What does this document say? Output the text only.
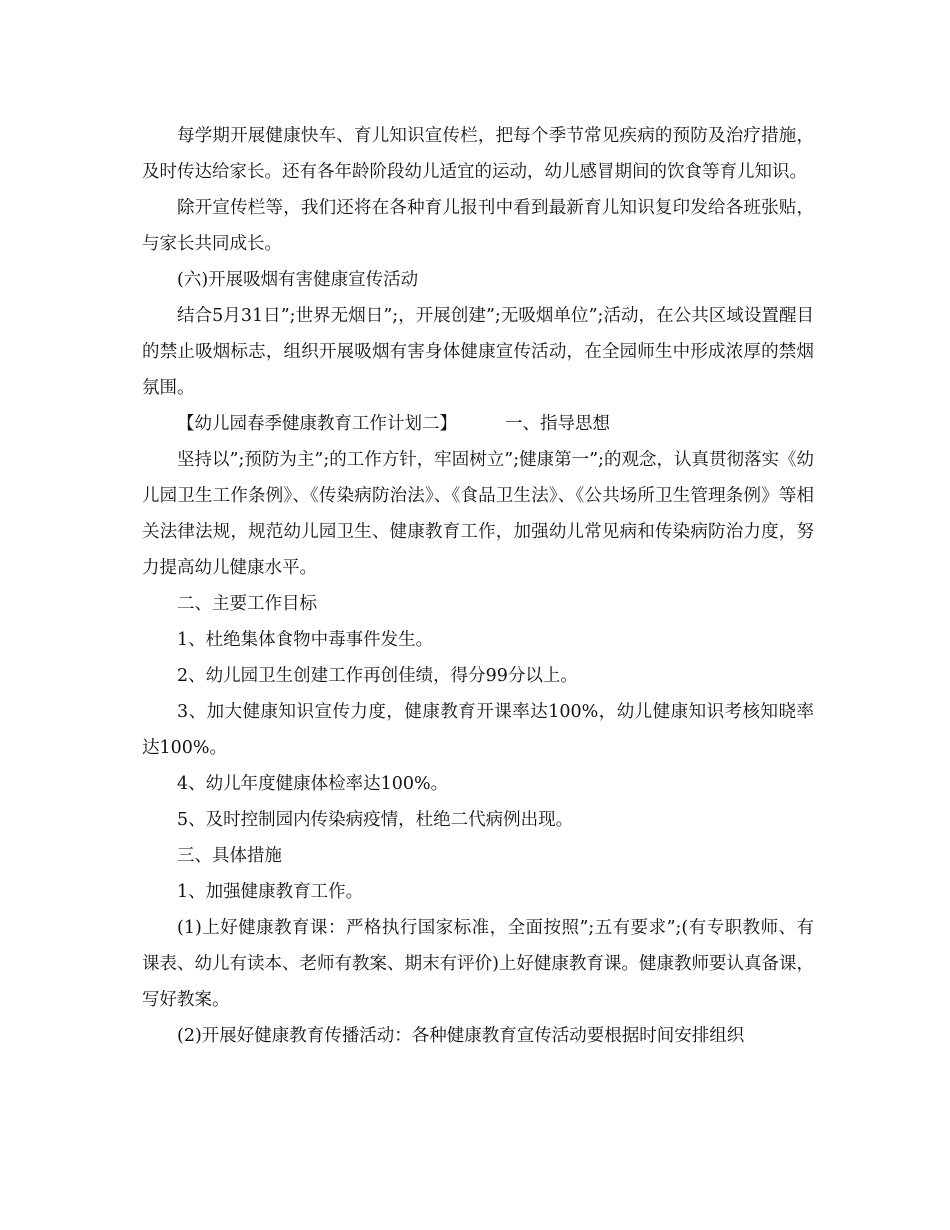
每学期开展健康快车、育儿知识宣传栏，把每个季节常见疾病的预防及治疗措施，及时传达给家长。还有各年龄阶段幼儿适宜的运动，幼儿感冒期间的饮食等育儿知识。

除开宣传栏等，我们还将在各种育儿报刊中看到最新育儿知识复印发给各班张贴，与家长共同成长。

(六)开展吸烟有害健康宣传活动

结合5月31日”;世界无烟日”;，开展创建”;无吸烟单位”;活动，在公共区域设置醒目的禁止吸烟标志，组织开展吸烟有害身体健康宣传活动，在全园师生中形成浓厚的禁烟氛围。

【幼儿园春季健康教育工作计划二】	一、指导思想

坚持以”;预防为主”;的工作方针，牢固树立”;健康第一”;的观念，认真贯彻落实《幼儿园卫生工作条例》、《传染病防治法》、《食品卫生法》、《公共场所卫生管理条例》等相关法律法规，规范幼儿园卫生、健康教育工作，加强幼儿常见病和传染病防治力度，努力提高幼儿健康水平。

二、主要工作目标

1、杜绝集体食物中毒事件发生。

2、幼儿园卫生创建工作再创佳绩，得分99分以上。

3、加大健康知识宣传力度，健康教育开课率达100%，幼儿健康知识考核知晓率达100%。

4、幼儿年度健康体检率达100%。

5、及时控制园内传染病疫情，杜绝二代病例出现。

三、具体措施

1、加强健康教育工作。

(1)上好健康教育课：严格执行国家标准，全面按照”;五有要求”;(有专职教师、有课表、幼儿有读本、老师有教案、期末有评价)上好健康教育课。健康教师要认真备课，写好教案。

(2)开展好健康教育传播活动：各种健康教育宣传活动要根据时间安排组织
